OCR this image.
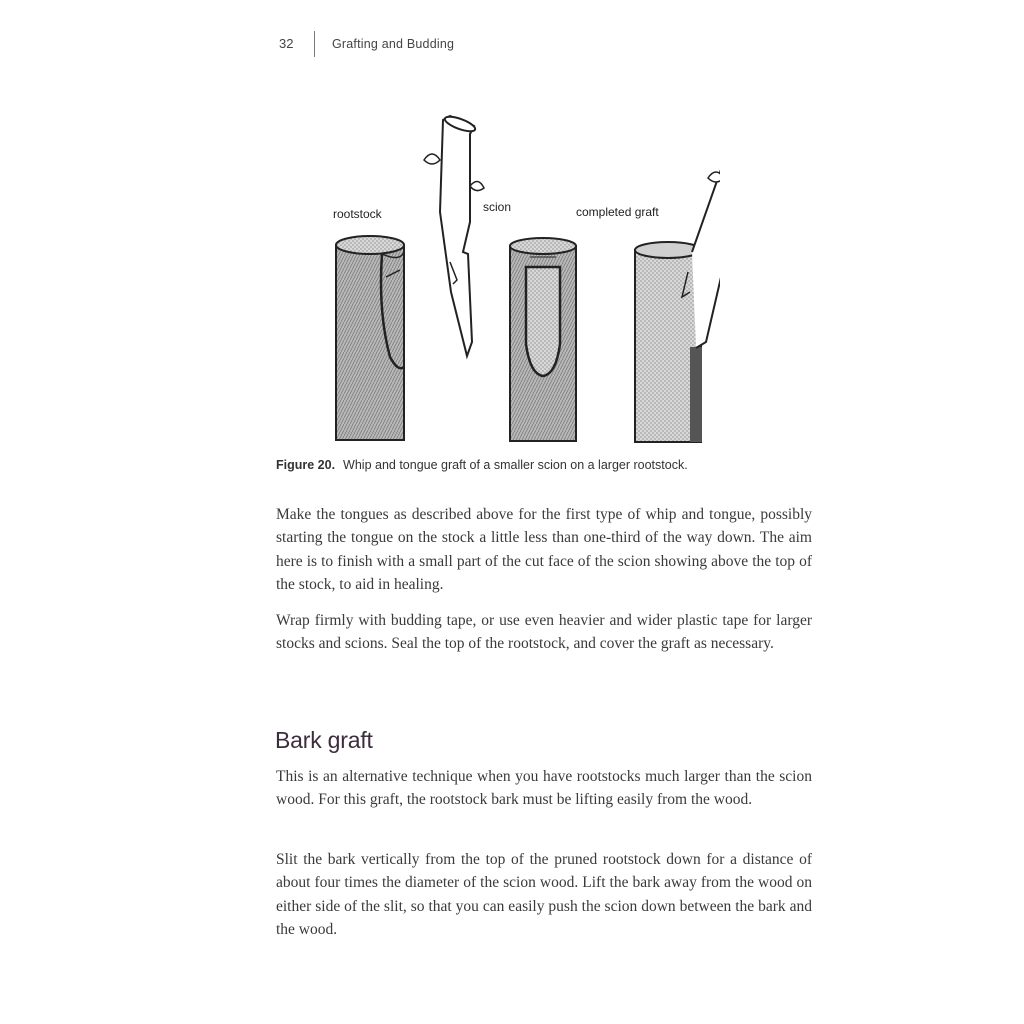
32	Grafting and Budding
rootstock	scion	completed graft
Figure 20. Whip and tongue graft of a smaller scion on a larger rootstock.

Make the tongues as described above for the first type of whip and tongue, possibly starting the tongue on the stock a little less than one-third of the way down. The aim here is to finish with a small part of the cut face of the scion showing above the top of the stock, to aid in healing.

Wrap firmly with budding tape, or use even heavier and wider plastic tape for larger stocks and scions. Seal the top of the rootstock, and cover the graft as necessary.

Bark graft

This is an alternative technique when you have rootstocks much larger than the scion wood. For this graft, the rootstock bark must be lifting easily from the wood.

Slit the bark vertically from the top of the pruned rootstock down for a distance of about four times the diameter of the scion wood. Lift the bark away from the wood on either side of the slit, so that you can easily push the scion down between the bark and the wood.
